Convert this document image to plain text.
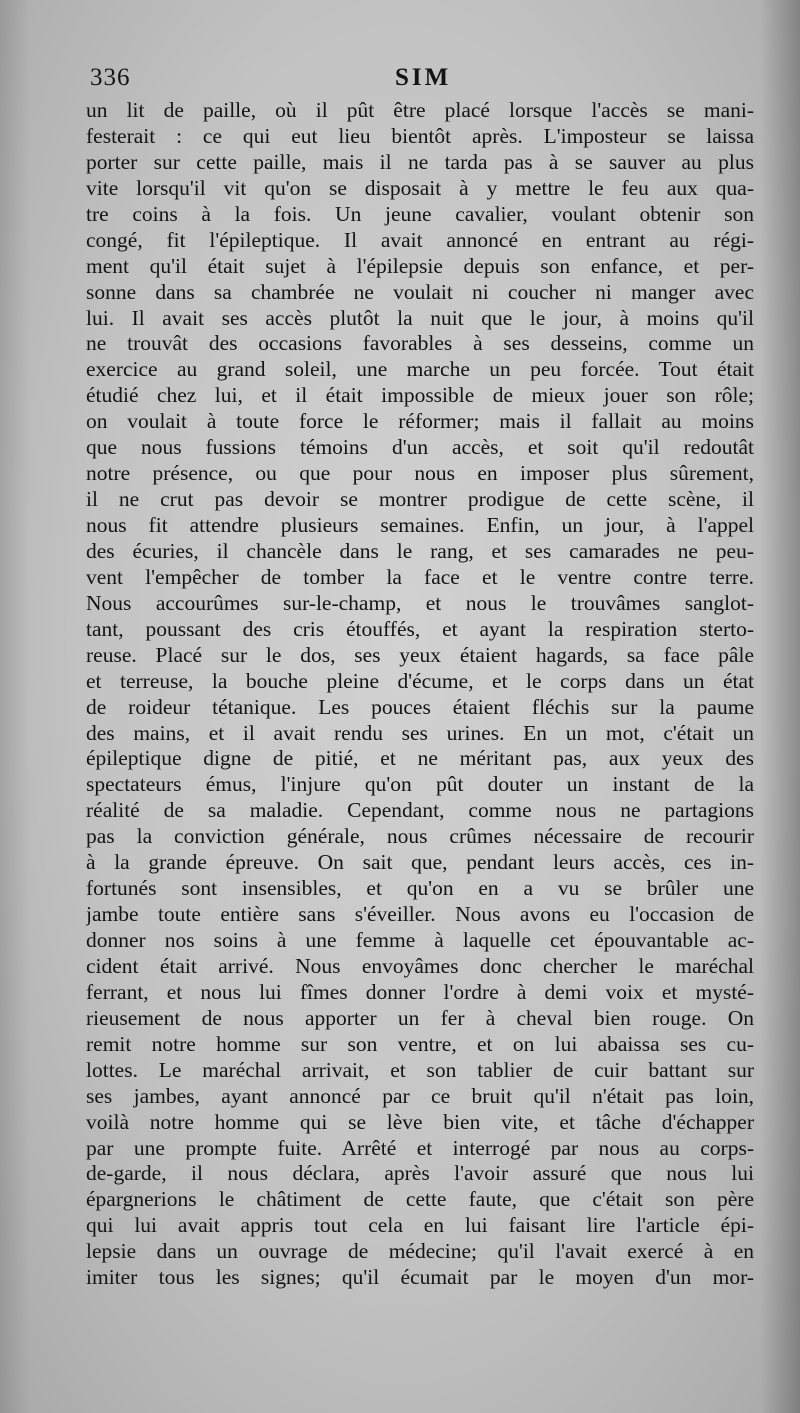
336	SIM
un lit de paille, où il pût être placé lorsque l'accès se mani-
festerait : ce qui eut lieu bientôt après. L'imposteur se laissa
porter sur cette paille, mais il ne tarda pas à se sauver au plus
vite lorsqu'il vit qu'on se disposait à y mettre le feu aux qua-
tre coins à la fois. Un jeune cavalier, voulant obtenir son
congé, fit l'épileptique. Il avait annoncé en entrant au régi-
ment qu'il était sujet à l'épilepsie depuis son enfance, et per-
sonne dans sa chambrée ne voulait ni coucher ni manger avec
lui. Il avait ses accès plutôt la nuit que le jour, à moins qu'il
ne trouvât des occasions favorables à ses desseins, comme un
exercice au grand soleil, une marche un peu forcée. Tout était
étudié chez lui, et il était impossible de mieux jouer son rôle;
on voulait à toute force le réformer; mais il fallait au moins
que nous fussions témoins d'un accès, et soit qu'il redoutât
notre présence, ou que pour nous en imposer plus sûrement,
il ne crut pas devoir se montrer prodigue de cette scène, il
nous fit attendre plusieurs semaines. Enfin, un jour, à l'appel
des écuries, il chancèle dans le rang, et ses camarades ne peu-
vent l'empêcher de tomber la face et le ventre contre terre.
Nous accourûmes sur-le-champ, et nous le trouvâmes sanglot-
tant, poussant des cris étouffés, et ayant la respiration sterto-
reuse. Placé sur le dos, ses yeux étaient hagards, sa face pâle
et terreuse, la bouche pleine d'écume, et le corps dans un état
de roideur tétanique. Les pouces étaient fléchis sur la paume
des mains, et il avait rendu ses urines. En un mot, c'était un
épileptique digne de pitié, et ne méritant pas, aux yeux des
spectateurs émus, l'injure qu'on pût douter un instant de la
réalité de sa maladie. Cependant, comme nous ne partagions
pas la conviction générale, nous crûmes nécessaire de recourir
à la grande épreuve. On sait que, pendant leurs accès, ces in-
fortunés sont insensibles, et qu'on en a vu se brûler une
jambe toute entière sans s'éveiller. Nous avons eu l'occasion de
donner nos soins à une femme à laquelle cet épouvantable ac-
cident était arrivé. Nous envoyâmes donc chercher le maréchal
ferrant, et nous lui fîmes donner l'ordre à demi voix et mysté-
rieusement de nous apporter un fer à cheval bien rouge. On
remit notre homme sur son ventre, et on lui abaissa ses cu-
lottes. Le maréchal arrivait, et son tablier de cuir battant sur
ses jambes, ayant annoncé par ce bruit qu'il n'était pas loin,
voilà notre homme qui se lève bien vite, et tâche d'échapper
par une prompte fuite. Arrêté et interrogé par nous au corps-
de-garde, il nous déclara, après l'avoir assuré que nous lui
épargnerions le châtiment de cette faute, que c'était son père
qui lui avait appris tout cela en lui faisant lire l'article épi-
lepsie dans un ouvrage de médecine; qu'il l'avait exercé à en
imiter tous les signes; qu'il écumait par le moyen d'un mor-
